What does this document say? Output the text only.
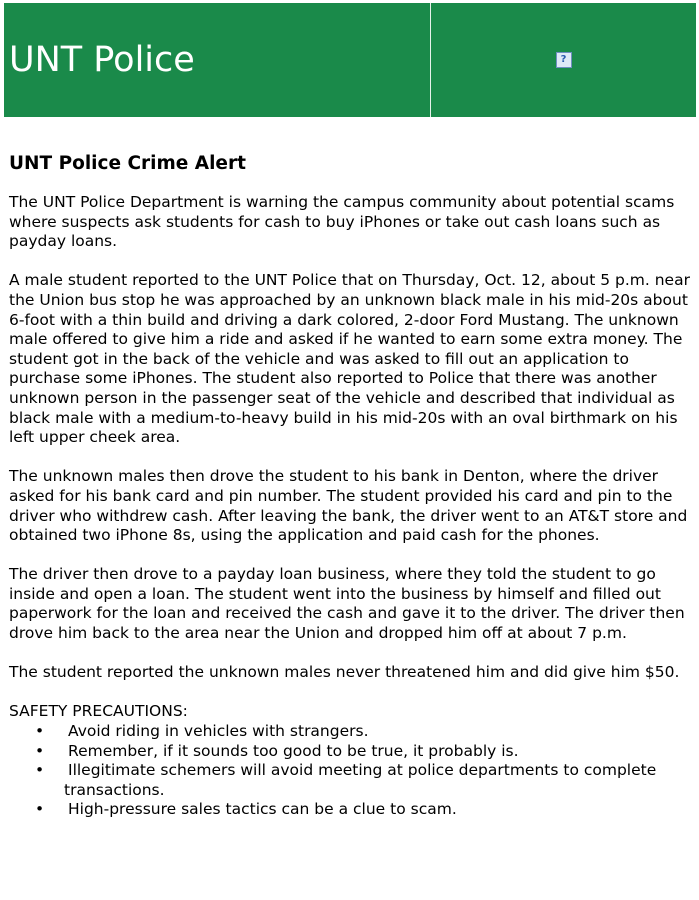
UNT Police	?
UNT Police Crime Alert

The UNT Police Department is warning the campus community about potential scams where suspects ask students for cash to buy iPhones or take out cash loans such as payday loans.

A male student reported to the UNT Police that on Thursday, Oct. 12, about 5 p.m. near the Union bus stop he was approached by an unknown black male in his mid-20s about 6-foot with a thin build and driving a dark colored, 2-door Ford Mustang. The unknown male offered to give him a ride and asked if he wanted to earn some extra money. The student got in the back of the vehicle and was asked to fill out an application to purchase some iPhones. The student also reported to Police that there was another unknown person in the passenger seat of the vehicle and described that individual as black male with a medium-to-heavy build in his mid-20s with an oval birthmark on his left upper cheek area.

The unknown males then drove the student to his bank in Denton, where the driver asked for his bank card and pin number. The student provided his card and pin to the driver who withdrew cash. After leaving the bank, the driver went to an AT&T store and obtained two iPhone 8s, using the application and paid cash for the phones.

The driver then drove to a payday loan business, where they told the student to go inside and open a loan. The student went into the business by himself and filled out paperwork for the loan and received the cash and gave it to the driver. The driver then drove him back to the area near the Union and dropped him off at about 7 p.m.

The student reported the unknown males never threatened him and did give him $50.

SAFETY PRECAUTIONS:
• Avoid riding in vehicles with strangers.
• Remember, if it sounds too good to be true, it probably is.
• Illegitimate schemers will avoid meeting at police departments to complete transactions.
• High-pressure sales tactics can be a clue to scam.
